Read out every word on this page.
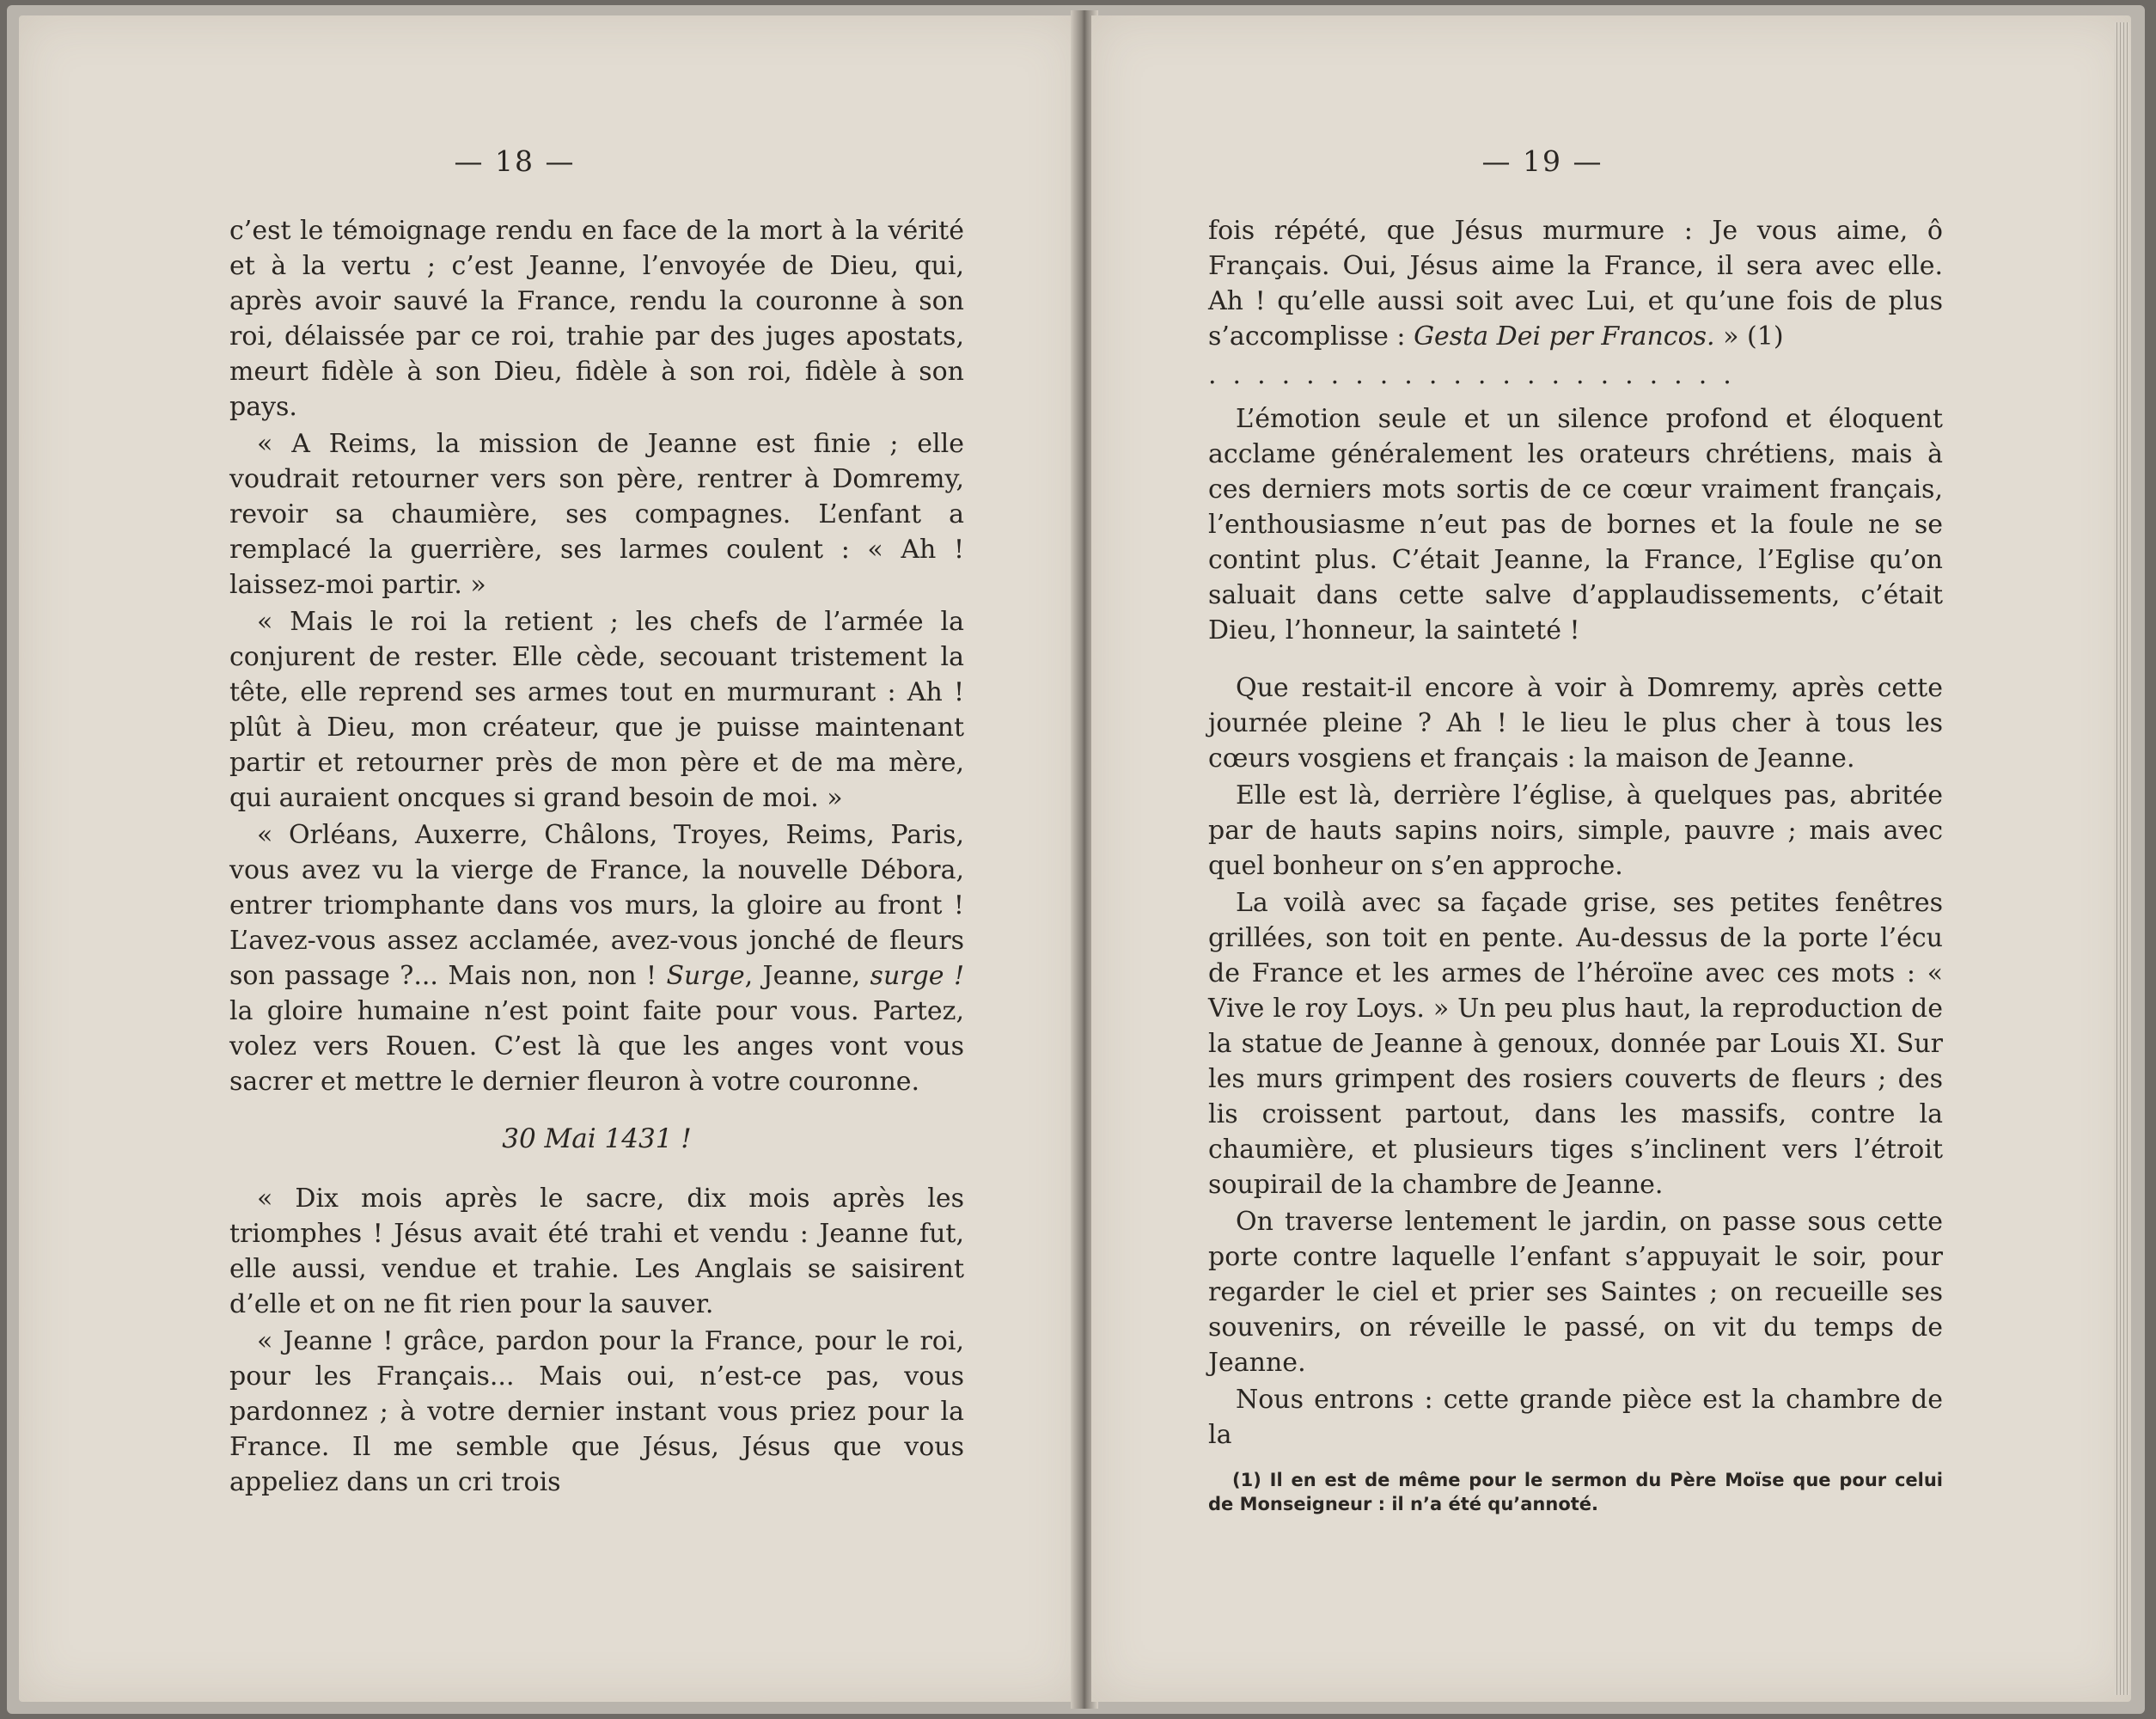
— 18 —

c’est le témoignage rendu en face de la mort à la vérité et à la vertu ; c’est Jeanne, l’envoyée de Dieu, qui, après avoir sauvé la France, rendu la couronne à son roi, délaissée par ce roi, trahie par des juges apostats, meurt fidèle à son Dieu, fidèle à son roi, fidèle à son pays.

« A Reims, la mission de Jeanne est finie ; elle voudrait retourner vers son père, rentrer à Domremy, revoir sa chaumière, ses compagnes. L’enfant a remplacé la guerrière, ses larmes coulent : « Ah ! laissez-moi partir. »

« Mais le roi la retient ; les chefs de l’armée la conjurent de rester. Elle cède, secouant tristement la tête, elle reprend ses armes tout en murmurant : Ah ! plût à Dieu, mon créateur, que je puisse maintenant partir et retourner près de mon père et de ma mère, qui auraient oncques si grand besoin de moi. »

« Orléans, Auxerre, Châlons, Troyes, Reims, Paris, vous avez vu la vierge de France, la nouvelle Débora, entrer triomphante dans vos murs, la gloire au front ! L’avez-vous assez acclamée, avez-vous jonché de fleurs son passage ?... Mais non, non ! Surge, Jeanne, surge ! la gloire humaine n’est point faite pour vous. Partez, volez vers Rouen. C’est là que les anges vont vous sacrer et mettre le dernier fleuron à votre couronne.

30 Mai 1431 !

« Dix mois après le sacre, dix mois après les triomphes ! Jésus avait été trahi et vendu : Jeanne fut, elle aussi, vendue et trahie. Les Anglais se saisirent d’elle et on ne fit rien pour la sauver.

« Jeanne ! grâce, pardon pour la France, pour le roi, pour les Français... Mais oui, n’est-ce pas, vous pardonnez ; à votre dernier instant vous priez pour la France. Il me semble que Jésus, Jésus que vous appeliez dans un cri trois

— 19 —

fois répété, que Jésus murmure : Je vous aime, ô Français. Oui, Jésus aime la France, il sera avec elle. Ah ! qu’elle aussi soit avec Lui, et qu’une fois de plus s’accomplisse : Gesta Dei per Francos. » (1)

......................

L’émotion seule et un silence profond et éloquent acclame généralement les orateurs chrétiens, mais à ces derniers mots sortis de ce cœur vraiment français, l’enthousiasme n’eut pas de bornes et la foule ne se contint plus. C’était Jeanne, la France, l’Eglise qu’on saluait dans cette salve d’applaudissements, c’était Dieu, l’honneur, la sainteté !

Que restait-il encore à voir à Domremy, après cette journée pleine ? Ah ! le lieu le plus cher à tous les cœurs vosgiens et français : la maison de Jeanne.

Elle est là, derrière l’église, à quelques pas, abritée par de hauts sapins noirs, simple, pauvre ; mais avec quel bonheur on s’en approche.

La voilà avec sa façade grise, ses petites fenêtres grillées, son toit en pente. Au-dessus de la porte l’écu de France et les armes de l’héroïne avec ces mots : « Vive le roy Loys. » Un peu plus haut, la reproduction de la statue de Jeanne à genoux, donnée par Louis XI. Sur les murs grimpent des rosiers couverts de fleurs ; des lis croissent partout, dans les massifs, contre la chaumière, et plusieurs tiges s’inclinent vers l’étroit soupirail de la chambre de Jeanne.

On traverse lentement le jardin, on passe sous cette porte contre laquelle l’enfant s’appuyait le soir, pour regarder le ciel et prier ses Saintes ; on recueille ses souvenirs, on réveille le passé, on vit du temps de Jeanne.

Nous entrons : cette grande pièce est la chambre de la

(1) Il en est de même pour le sermon du Père Moïse que pour celui de Monseigneur : il n’a été qu’annoté.
